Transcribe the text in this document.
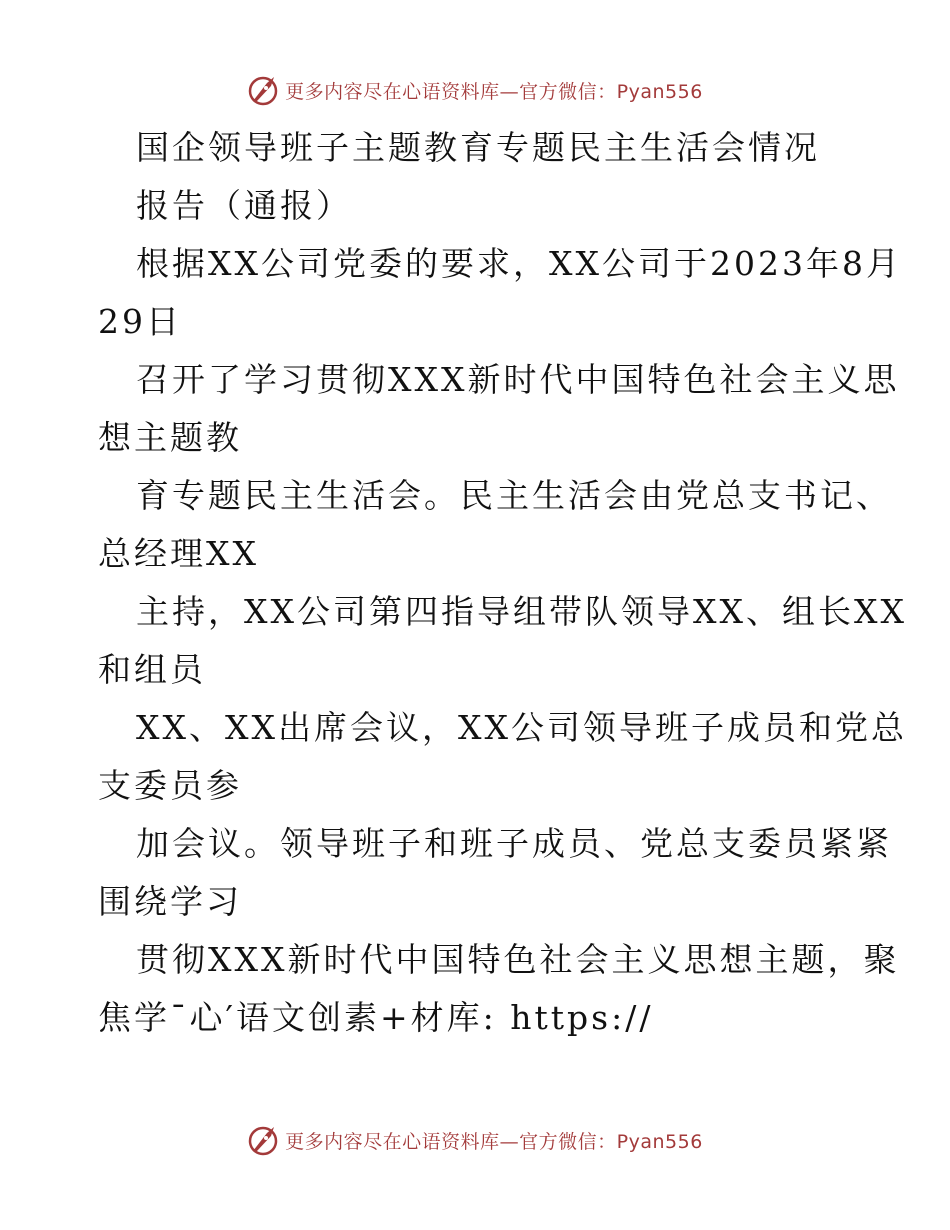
更多内容尽在心语资料库—官方微信：Pyan556
国企领导班子主题教育专题民主生活会情况
报告（通报）
根据XX公司党委的要求，XX公司于2023年8月
29日
召开了学习贯彻XXX新时代中国特色社会主义思
想主题教
育专题民主生活会。民主生活会由党总支书记、
总经理XX
主持，XX公司第四指导组带队领导XX、组长XX
和组员
XX、XX出席会议，XX公司领导班子成员和党总
支委员参
加会议。领导班子和班子成员、党总支委员紧紧
围绕学习
贯彻XXX新时代中国特色社会主义思想主题，聚
焦学¯心′语文创素+材库: https://
更多内容尽在心语资料库—官方微信：Pyan556
